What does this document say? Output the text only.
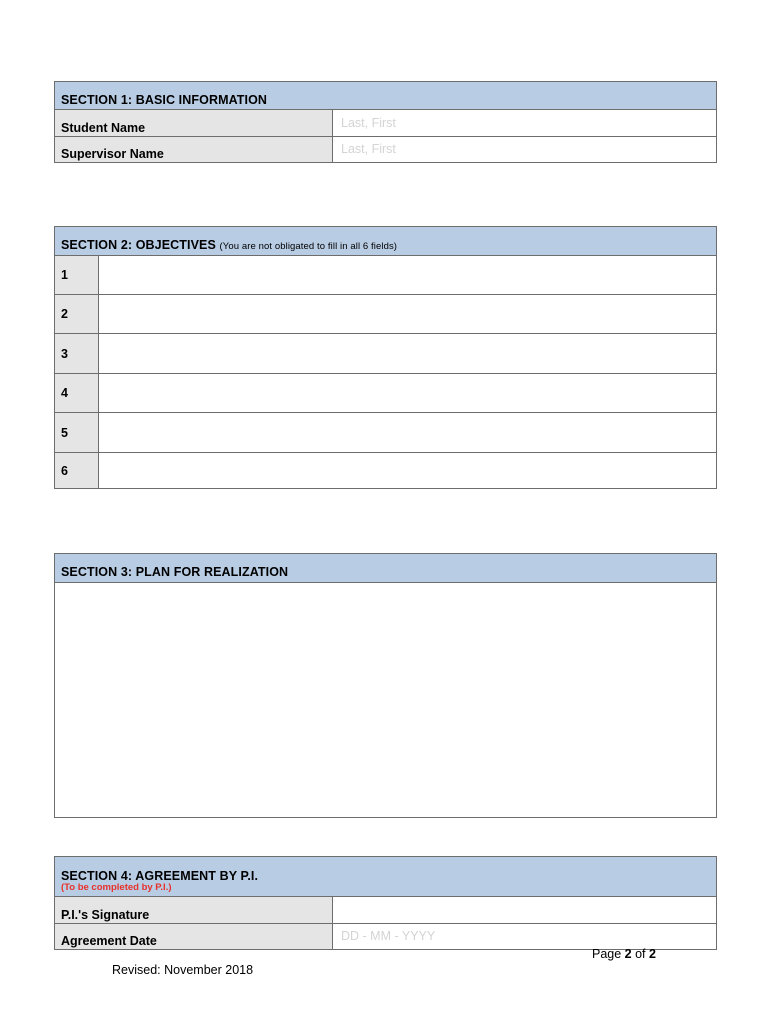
SECTION 1: BASIC INFORMATION
Student Name
Last, First
Supervisor Name
Last, First
SECTION 2: OBJECTIVES (You are not obligated to fill in all 6 fields)
1
2
3
4
5
6
SECTION 3: PLAN FOR REALIZATION
SECTION 4: AGREEMENT BY P.I.
(To be completed by P.I.)
P.I.'s Signature
Agreement Date
DD - MM - YYYY
Page 2 of 2
Revised: November 2018
